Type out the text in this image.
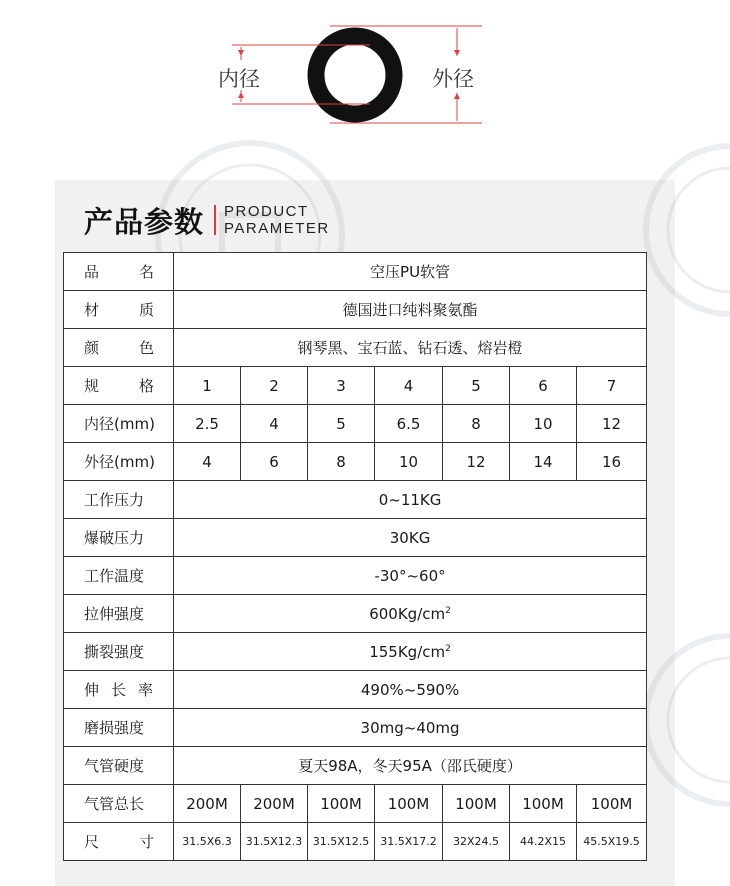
内径	外径
产品参数 PRODUCT
PARAMETER
品 名	空压PU软管						
材 质	德国进口纯料聚氨酯						
颜 色	钢琴黑、宝石蓝、钻石透、熔岩橙						
规 格	1	2	3	4	5	6	7
内径(mm)	2.5	4	5	6.5	8	10	12
外径(mm)	4	6	8	10	12	14	16
工作压力	0~11KG						
爆破压力	30KG						
工作温度	-30°~60°						
拉伸强度	$600Kg/cm^2$
撕裂强度	$155Kg/cm^2$
伸 长 率	490%~590%						
磨损强度	30mg~40mg						
气管硬度	夏天98A，冬天95A（邵氏硬度）						
气管总长	200M	200M	100M	100M	100M	100M	100M
尺 寸	31.5X6.3	31.5X12.3	31.5X12.5	31.5X17.2	32X24.5	44.2X15	45.5X19.5
